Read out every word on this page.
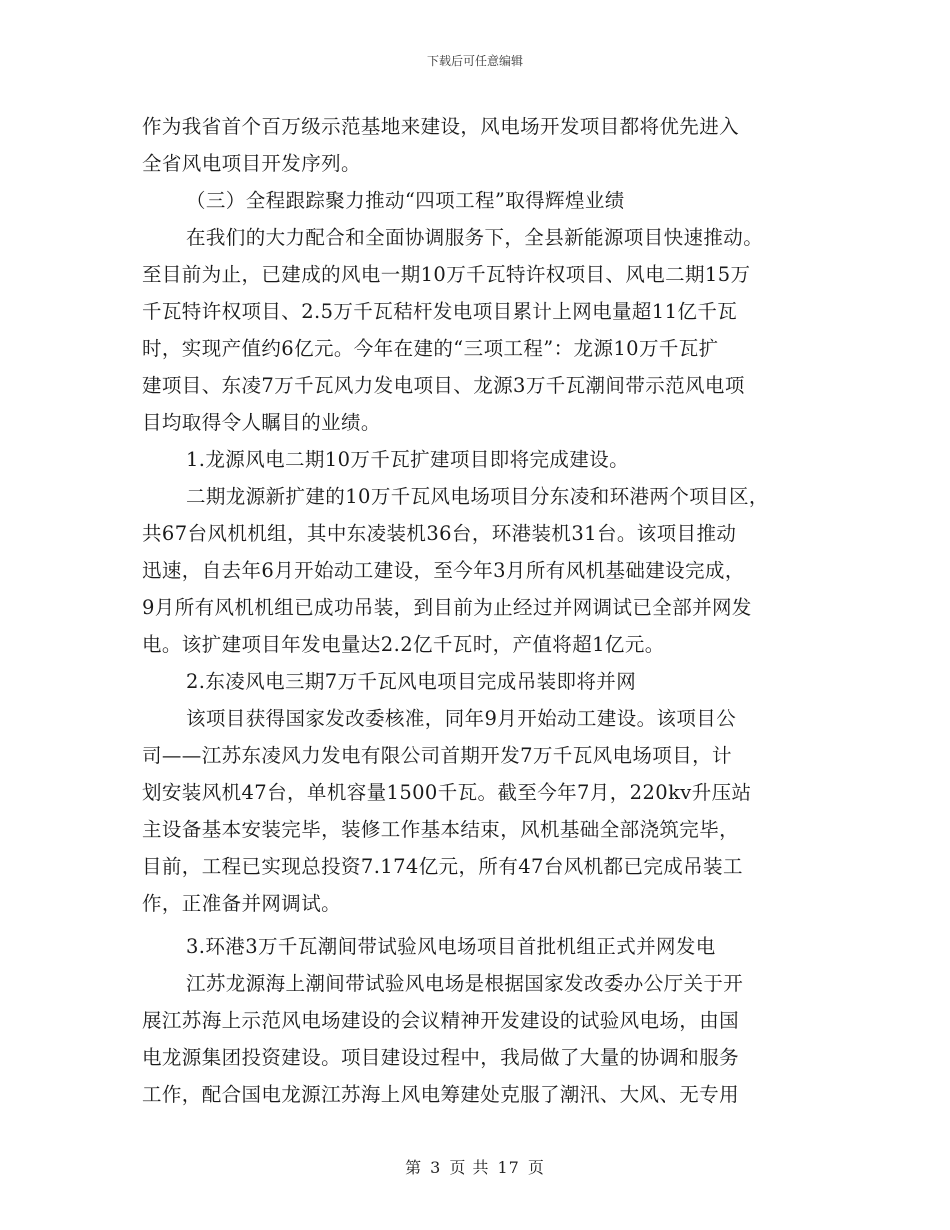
下载后可任意编辑
作为我省首个百万级示范基地来建设，风电场开发项目都将优先进入
全省风电项目开发序列。
（三）全程跟踪聚力推动“四项工程”取得辉煌业绩
在我们的大力配合和全面协调服务下，全县新能源项目快速推动。
至目前为止，已建成的风电一期10万千瓦特许权项目、风电二期15万
千瓦特许权项目、2.5万千瓦秸杆发电项目累计上网电量超11亿千瓦
时，实现产值约6亿元。今年在建的“三项工程”：龙源10万千瓦扩
建项目、东凌7万千瓦风力发电项目、龙源3万千瓦潮间带示范风电项
目均取得令人瞩目的业绩。
1.龙源风电二期10万千瓦扩建项目即将完成建设。
二期龙源新扩建的10万千瓦风电场项目分东凌和环港两个项目区，
共67台风机机组，其中东凌装机36台，环港装机31台。该项目推动
迅速，自去年6月开始动工建设，至今年3月所有风机基础建设完成，
9月所有风机机组已成功吊装，到目前为止经过并网调试已全部并网发
电。该扩建项目年发电量达2.2亿千瓦时，产值将超1亿元。
2.东凌风电三期7万千瓦风电项目完成吊装即将并网
该项目获得国家发改委核准，同年9月开始动工建设。该项目公
司——江苏东凌风力发电有限公司首期开发7万千瓦风电场项目，计
划安装风机47台，单机容量1500千瓦。截至今年7月，220kv升压站
主设备基本安装完毕，装修工作基本结束，风机基础全部浇筑完毕，
目前，工程已实现总投资7.174亿元，所有47台风机都已完成吊装工
作，正准备并网调试。
3.环港3万千瓦潮间带试验风电场项目首批机组正式并网发电
江苏龙源海上潮间带试验风电场是根据国家发改委办公厅关于开
展江苏海上示范风电场建设的会议精神开发建设的试验风电场，由国
电龙源集团投资建设。项目建设过程中，我局做了大量的协调和服务
工作，配合国电龙源江苏海上风电筹建处克服了潮汛、大风、无专用
第 3 页 共 17 页
